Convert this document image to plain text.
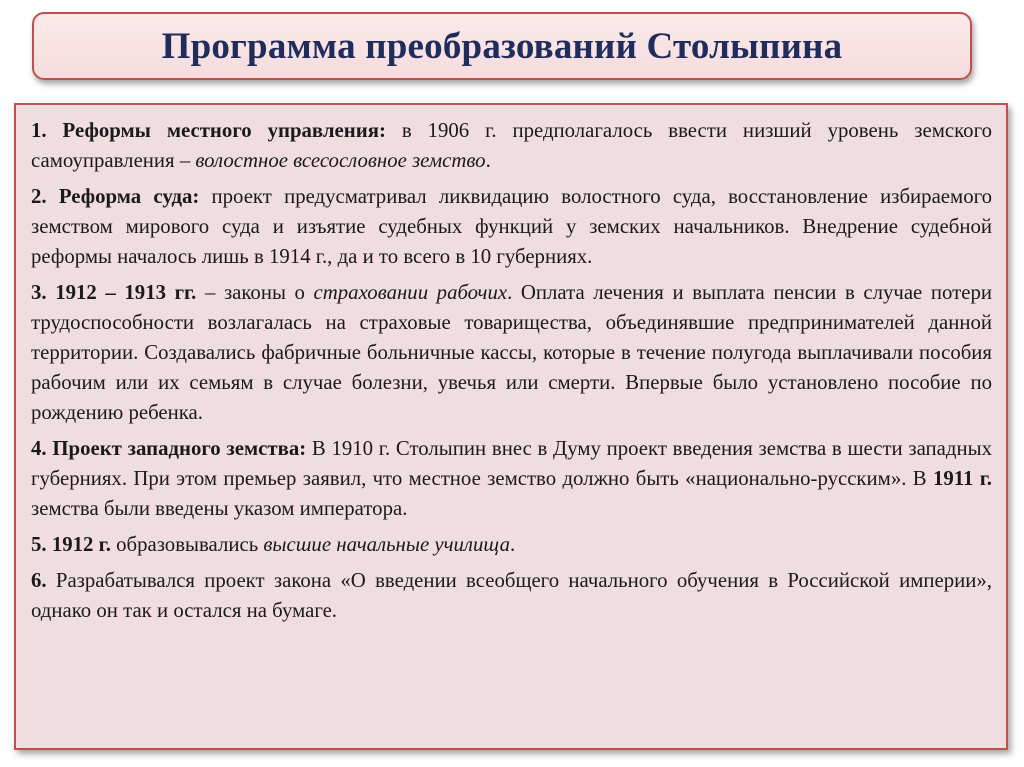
Программа преобразований Столыпина

1. Реформы местного управления: в 1906 г. предполагалось ввести низший уровень земского самоуправления – волостное всесословное земство.

2. Реформа суда: проект предусматривал ликвидацию волостного суда, восстановление избираемого земством мирового суда и изъятие судебных функций у земских начальников. Внедрение судебной реформы началось лишь в 1914 г., да и то всего в 10 губерниях.

3. 1912 – 1913 гг. – законы о страховании рабочих. Оплата лечения и выплата пенсии в случае потери трудоспособности возлагалась на страховые товарищества, объединявшие предпринимателей данной территории. Создавались фабричные больничные кассы, которые в течение полугода выплачивали пособия рабочим или их семьям в случае болезни, увечья или смерти. Впервые было установлено пособие по рождению ребенка.

4. Проект западного земства: В 1910 г. Столыпин внес в Думу проект введения земства в шести западных губерниях. При этом премьер заявил, что местное земство должно быть «национально-русским». В 1911 г. земства были введены указом императора.

5. 1912 г. образовывались высшие начальные училища.

6. Разрабатывался проект закона «О введении всеобщего начального обучения в Российской империи», однако он так и остался на бумаге.
